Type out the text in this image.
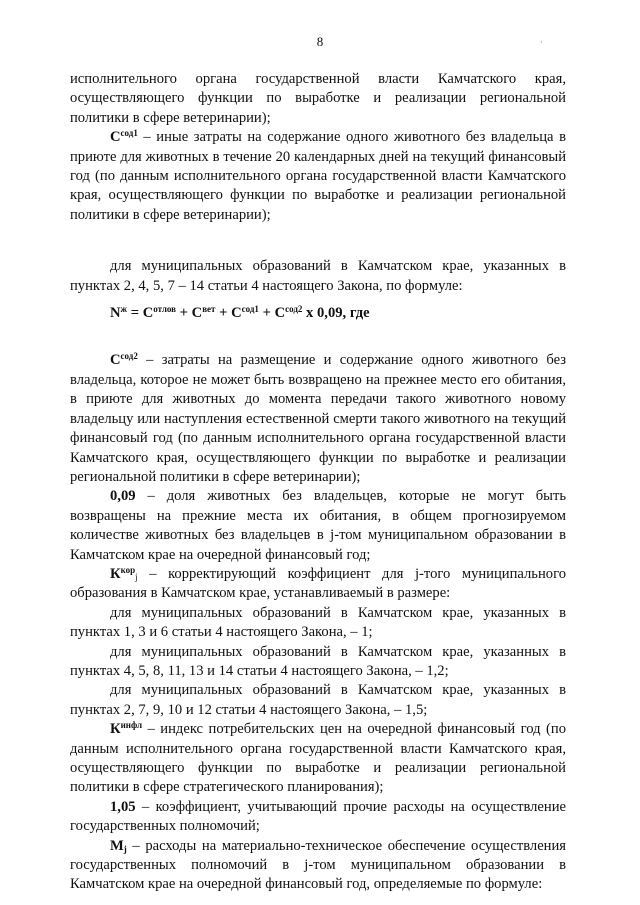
8	·

исполнительного органа государственной власти Камчатского края, осуществляющего функции по выработке и реализации региональной политики в сфере ветеринарии);

$С^{сод1}$ – иные затраты на содержание одного животного без владельца в приюте для животных в течение 20 календарных дней на текущий финансовый год (по данным исполнительного органа государственной власти Камчатского края, осуществляющего функции по выработке и реализации региональной политики в сфере ветеринарии);

для муниципальных образований в Камчатском крае, указанных в пунктах 2, 4, 5, 7 – 14 статьи 4 настоящего Закона, по формуле:

$N^ж = С^{отлов} + С^{вет} + С^{сод1} + С^{сод2}$ х 0,09, где

$С^{сод2}$ – затраты на размещение и содержание одного животного без владельца, которое не может быть возвращено на прежнее место его обитания, в приюте для животных до момента передачи такого животного новому владельцу или наступления естественной смерти такого животного на текущий финансовый год (по данным исполнительного органа государственной власти Камчатского края, осуществляющего функции по выработке и реализации региональной политики в сфере ветеринарии);

0,09 – доля животных без владельцев, которые не могут быть возвращены на прежние места их обитания, в общем прогнозируемом количестве животных без владельцев в j-том муниципальном образовании в Камчатском крае на очередной финансовый год;

$К^{кор}_j$ – корректирующий коэффициент для j-того муниципального образования в Камчатском крае, устанавливаемый в размере:

для муниципальных образований в Камчатском крае, указанных в пунктах 1, 3 и 6 статьи 4 настоящего Закона, – 1;

для муниципальных образований в Камчатском крае, указанных в пунктах 4, 5, 8, 11, 13 и 14 статьи 4 настоящего Закона, – 1,2;

для муниципальных образований в Камчатском крае, указанных в пунктах 2, 7, 9, 10 и 12 статьи 4 настоящего Закона, – 1,5;

$К^{инфл}$ – индекс потребительских цен на очередной финансовый год (по данным исполнительного органа государственной власти Камчатского края, осуществляющего функции по выработке и реализации региональной политики в сфере стратегического планирования);

1,05 – коэффициент, учитывающий прочие расходы на осуществление государственных полномочий;

$М_j$ – расходы на материально-техническое обеспечение осуществления государственных полномочий в j-том муниципальном образовании в Камчатском крае на очередной финансовый год, определяемые по формуле:
